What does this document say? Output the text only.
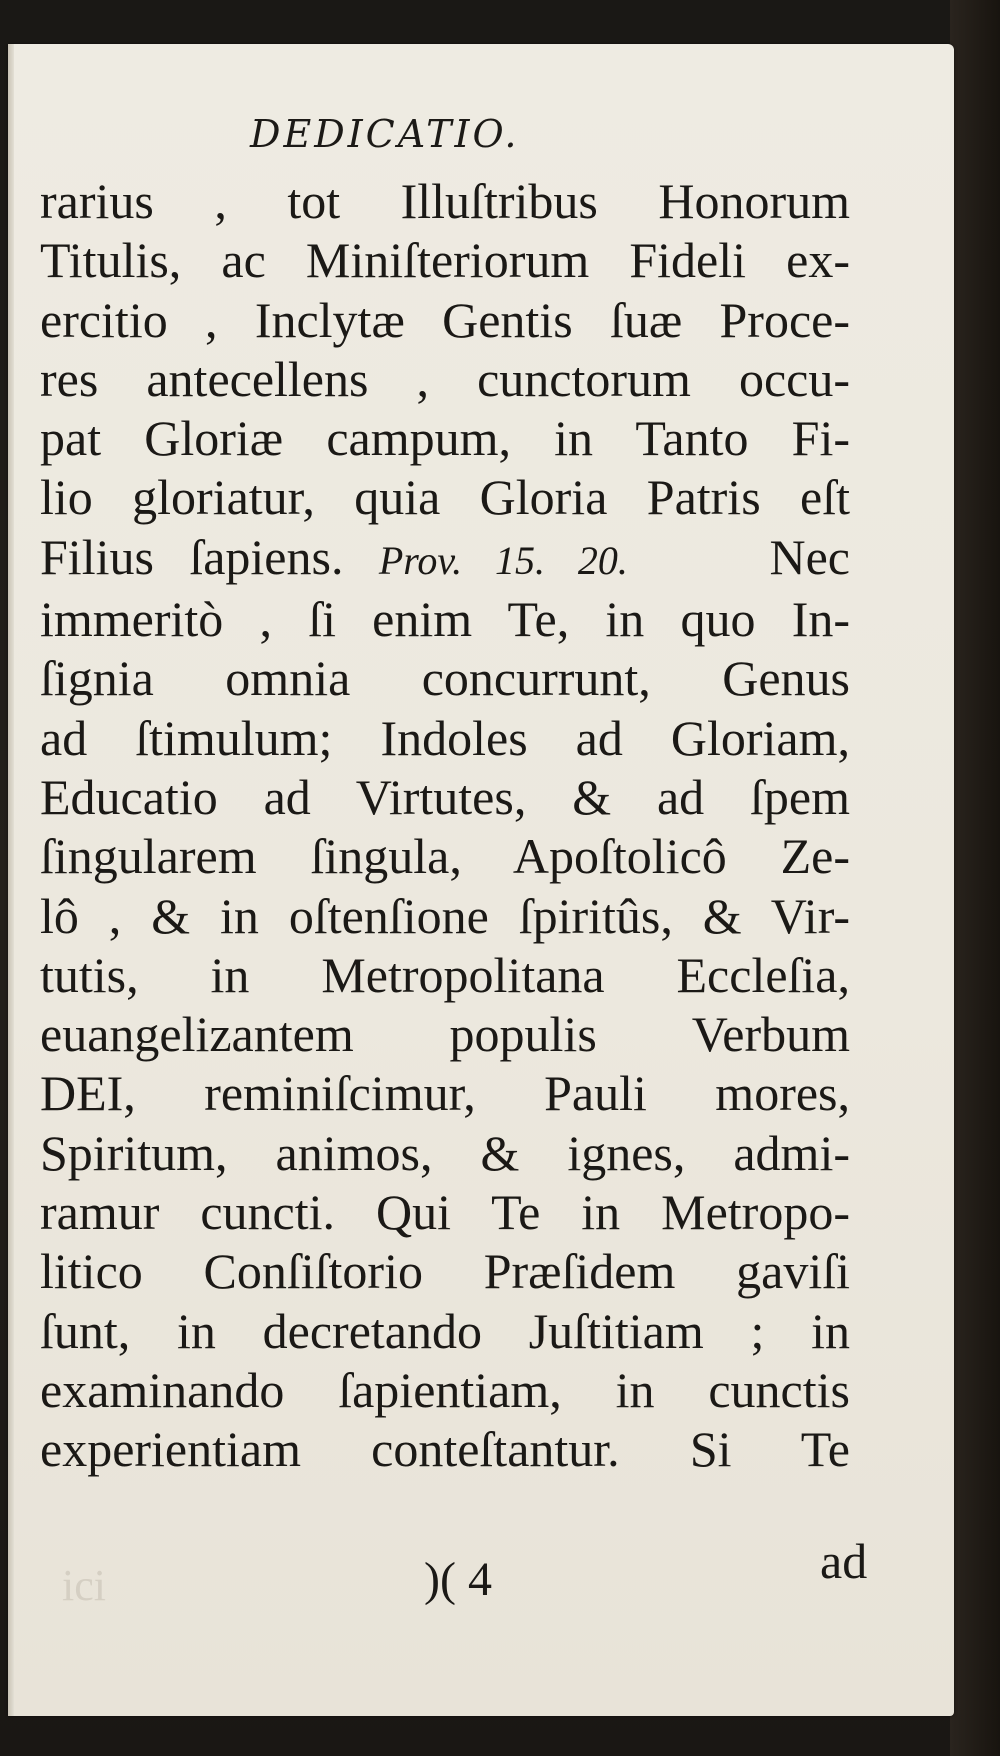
ici
DEDICATIO.
rarius , tot Illuſtribus Honorum
Titulis, ac Miniſteriorum Fideli ex-
ercitio , Inclytæ Gentis ſuæ Proce-
res antecellens , cunctorum occu-
pat Gloriæ campum, in Tanto Fi-
lio gloriatur, quia Gloria Patris eſt
Filius ſapiens. Prov. 15. 20.    Nec
immeritò , ſi enim Te, in quo In-
ſignia omnia concurrunt, Genus
ad ſtimulum; Indoles ad Gloriam,
Educatio ad Virtutes, & ad ſpem
ſingularem ſingula, Apoſtolicô Ze-
lô , & in oſtenſione ſpiritûs, & Vir-
tutis, in Metropolitana Eccleſia,
euangelizantem populis Verbum
DEI, reminiſcimur, Pauli mores,
Spiritum, animos, & ignes, admi-
ramur cuncti. Qui Te in Metropo-
litico Conſiſtorio Præſidem gaviſi
ſunt, in decretando Juſtitiam ; in
examinando ſapientiam, in cunctis
experientiam conteſtantur. Si Te
)( 4	ad
